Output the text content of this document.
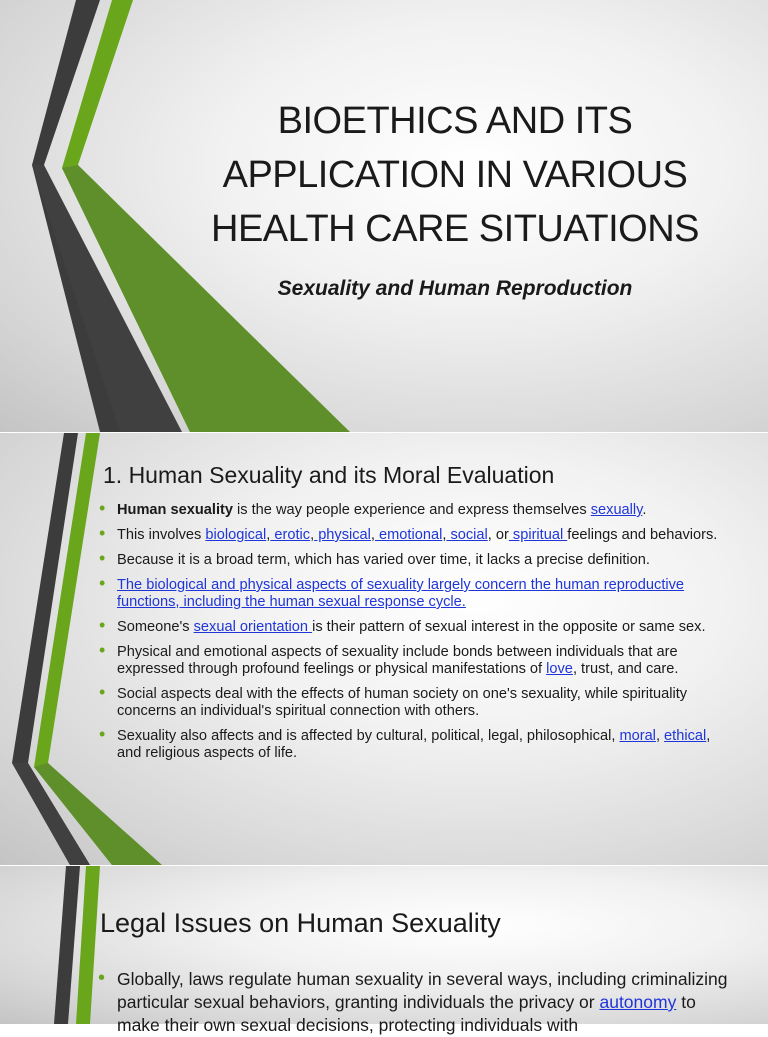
BIOETHICS AND ITS
APPLICATION IN VARIOUS
HEALTH CARE SITUATIONS
Sexuality and Human Reproduction
1. Human Sexuality and its Moral Evaluation
• Human sexuality is the way people experience and express themselves sexually.
• This involves biological, erotic, physical, emotional, social, or spiritual feelings and behaviors.
• Because it is a broad term, which has varied over time, it lacks a precise definition.
• The biological and physical aspects of sexuality largely concern the human reproductive functions, including the human sexual response cycle.
• Someone's sexual orientation is their pattern of sexual interest in the opposite or same sex.
• Physical and emotional aspects of sexuality include bonds between individuals that are expressed through profound feelings or physical manifestations of love, trust, and care.
• Social aspects deal with the effects of human society on one's sexuality, while spirituality concerns an individual's spiritual connection with others.
• Sexuality also affects and is affected by cultural, political, legal, philosophical, moral, ethical, and religious aspects of life.
Legal Issues on Human Sexuality
• Globally, laws regulate human sexuality in several ways, including criminalizing particular sexual behaviors, granting individuals the privacy or autonomy to make their own sexual decisions, protecting individuals with
